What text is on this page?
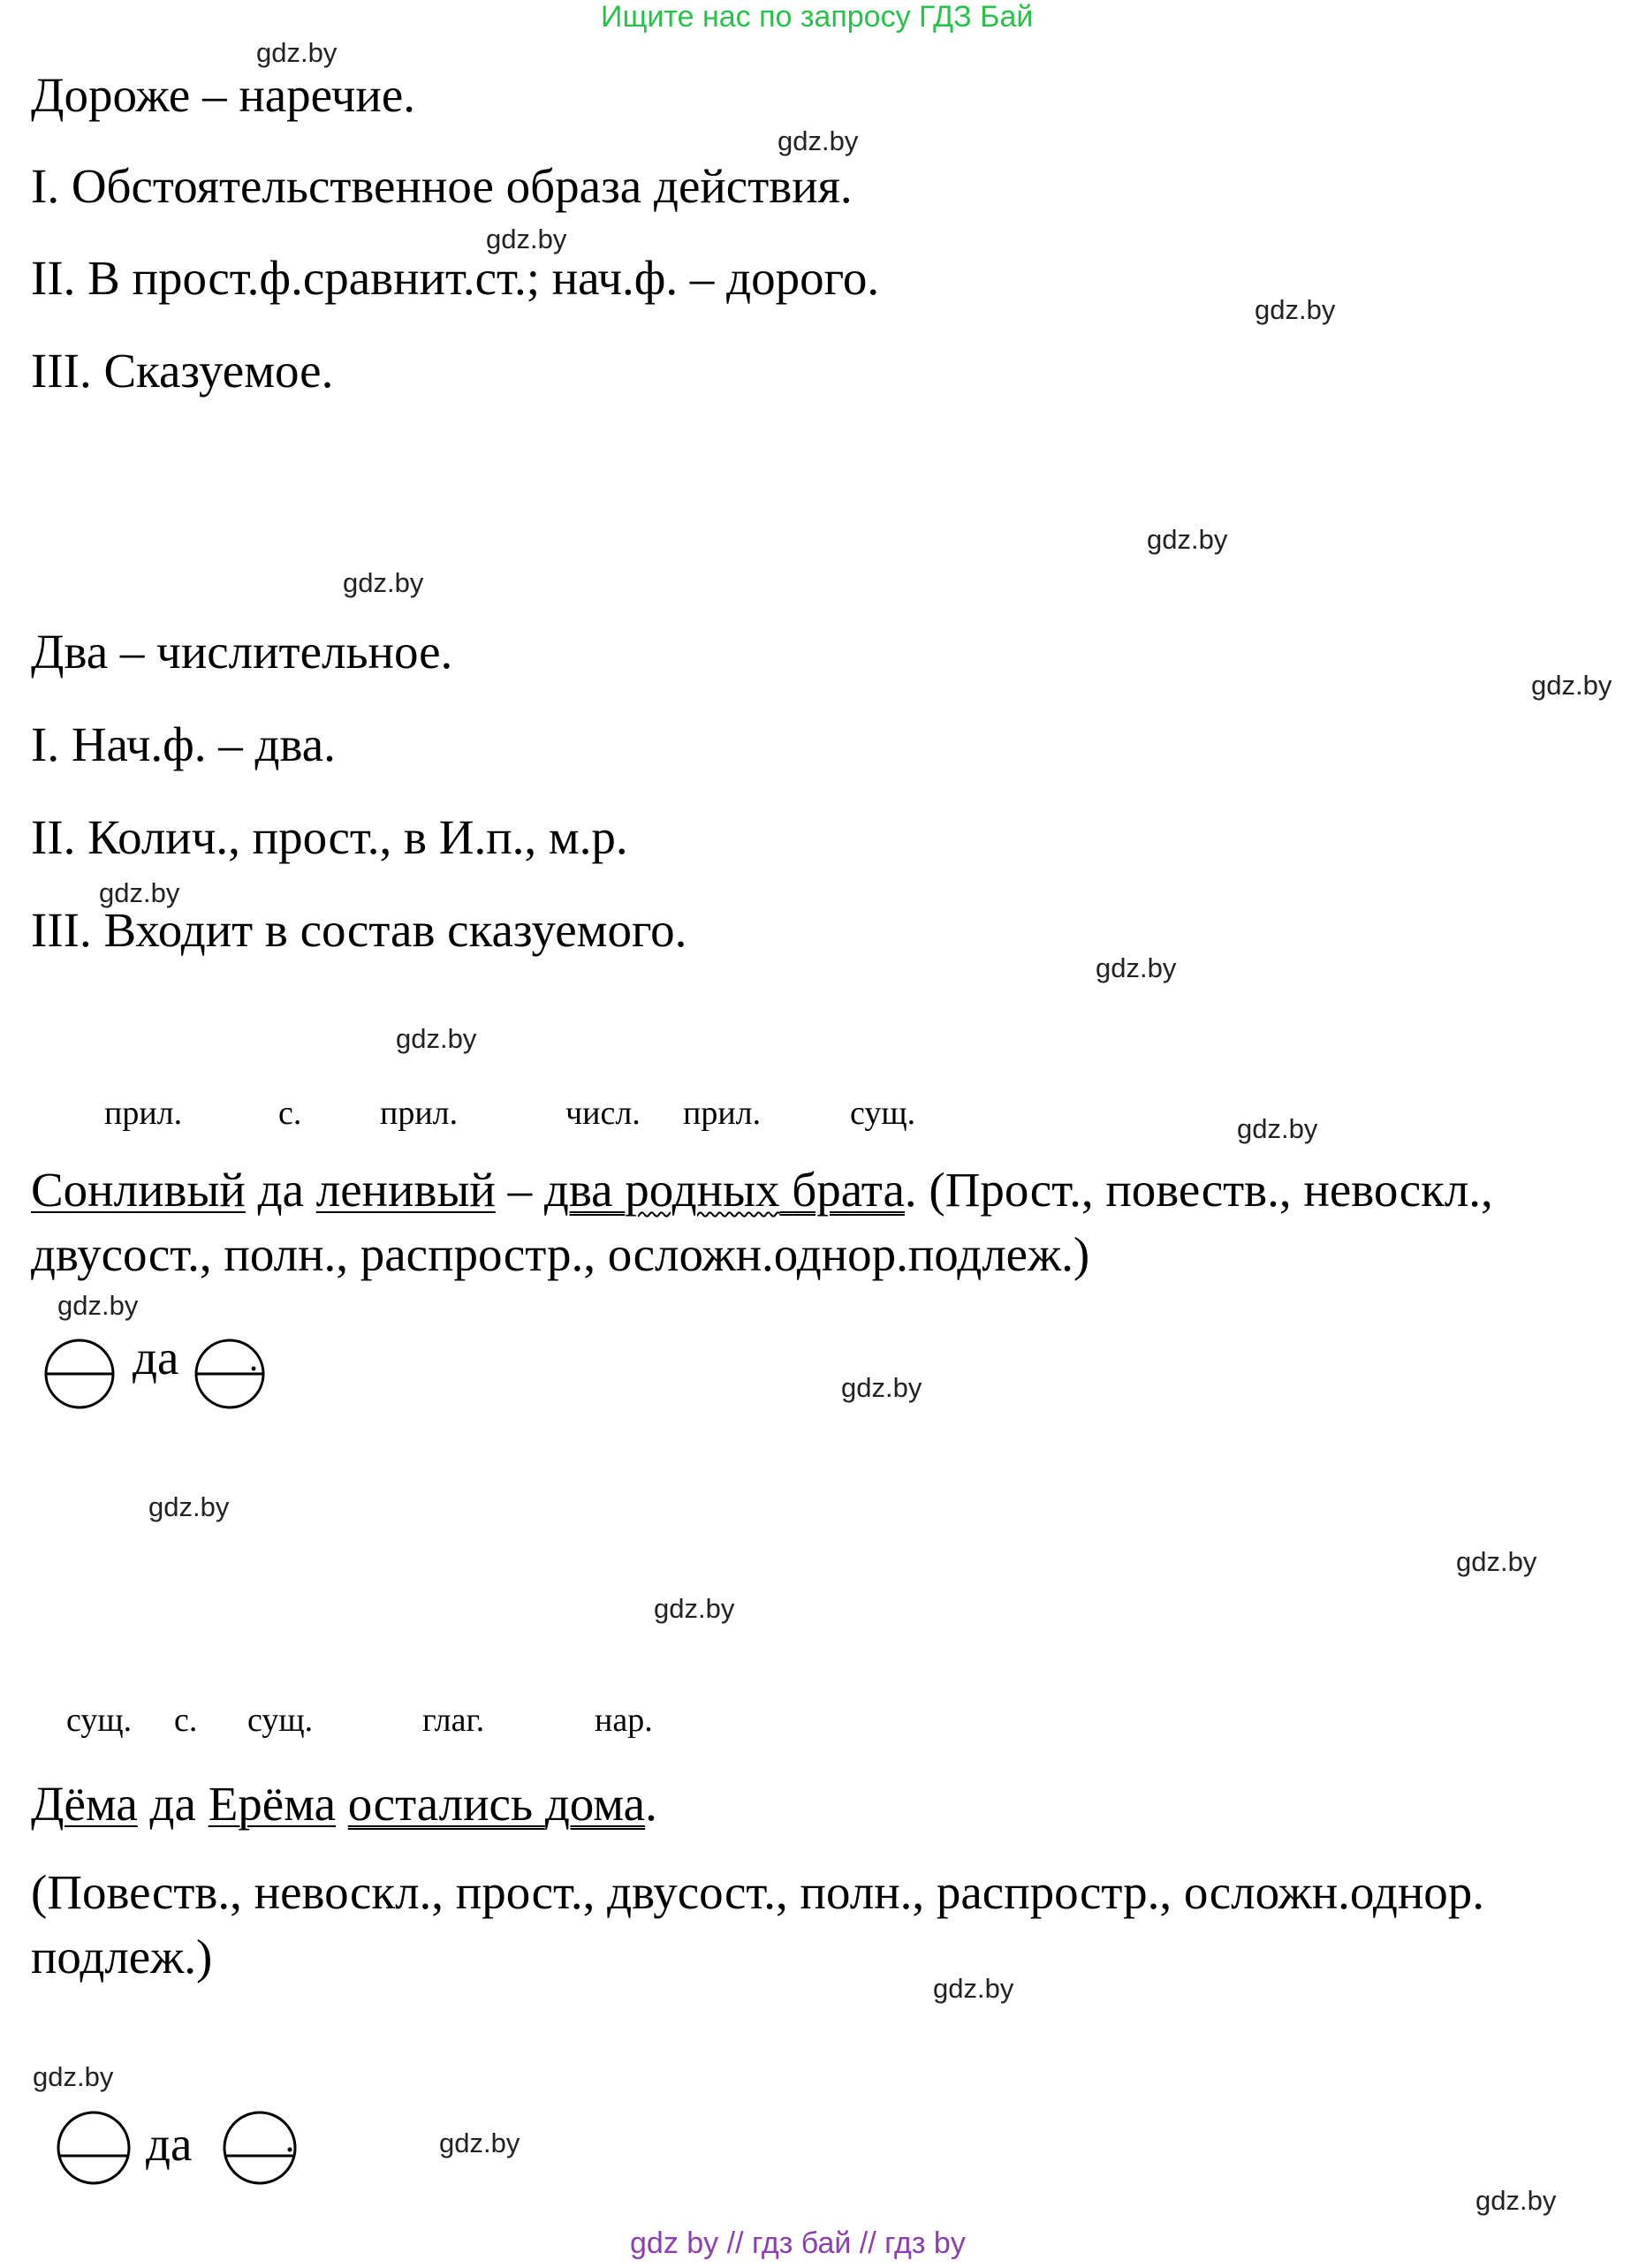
Ищите нас по запросу ГДЗ Бай
Дороже – наречие.
I. Обстоятельственное образа действия.
II. В прост.ф.сравнит.ст.; нач.ф. – дорого.
III. Сказуемое.
Два – числительное.
I. Нач.ф. – два.
II. Колич., прост., в И.п., м.р.
III. Входит в состав сказуемого.
прил.	с. прил.	числ. прил.	сущ.
Сонливый да ленивый – два родных брата. (Прост., повеств., невоскл., двусост., полн., распростр., осложн.однор.подлеж.)
да
сущ. с. сущ.	глаг.	нар.
Дёма да Ерёма остались дома.
(Повеств., невоскл., прост., двусост., полн., распростр., осложн.однор. подлеж.)
да
gdz.by
gdz.by
gdz.by
gdz.by
gdz.by
gdz.by
gdz.by
gdz.by
gdz.by
gdz.by
gdz.by
gdz.by
gdz.by
gdz.by
gdz.by
gdz.by
gdz.by
gdz.by
gdz.by
gdz.by
gdz by // гдз бай // гдз by
